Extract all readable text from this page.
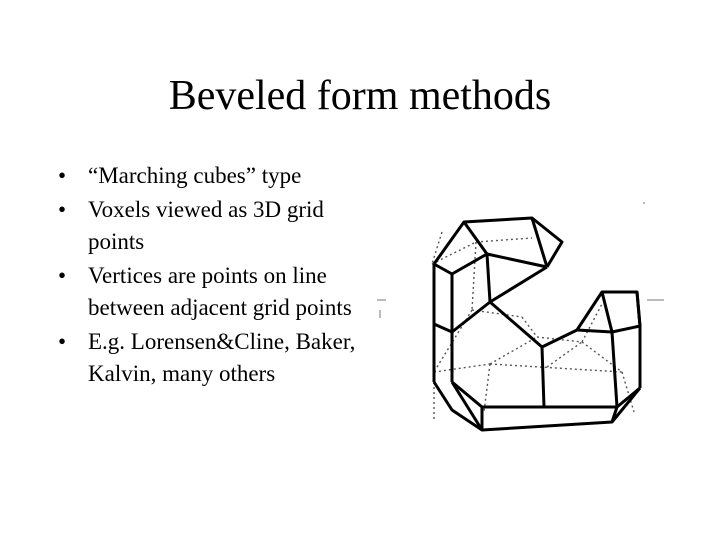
Beveled form methods
• “Marching cubes” type
• Voxels viewed as 3D grid points
• Vertices are points on line between adjacent grid points
• E.g. Lorensen&Cline, Baker, Kalvin, many others
